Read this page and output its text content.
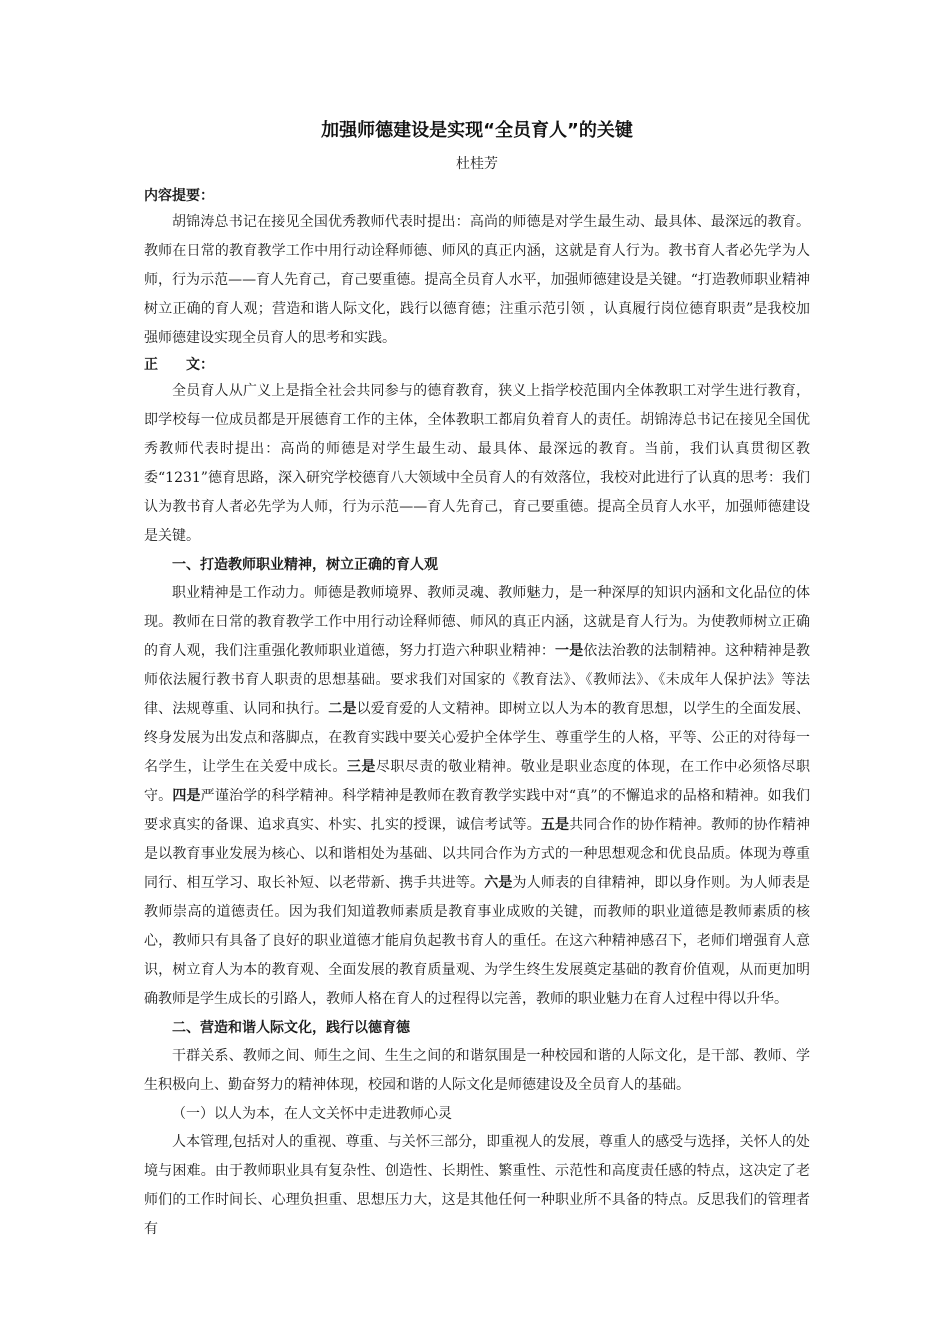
加强师德建设是实现“全员育人”的关键
杜桂芳
内容提要：

胡锦涛总书记在接见全国优秀教师代表时提出：高尚的师德是对学生最生动、最具体、最深远的教育。教师在日常的教育教学工作中用行动诠释师德、师风的真正内涵，这就是育人行为。教书育人者必先学为人师，行为示范——育人先育己，育己要重德。提高全员育人水平，加强师德建设是关键。“打造教师职业精神树立正确的育人观；营造和谐人际文化，践行以德育德；注重示范引领 ，认真履行岗位德育职责”是我校加强师德建设实现全员育人的思考和实践。

正　　文：

全员育人从广义上是指全社会共同参与的德育教育，狭义上指学校范围内全体教职工对学生进行教育，即学校每一位成员都是开展德育工作的主体，全体教职工都肩负着育人的责任。胡锦涛总书记在接见全国优秀教师代表时提出：高尚的师德是对学生最生动、最具体、最深远的教育。当前，我们认真贯彻区教委“1231”德育思路，深入研究学校德育八大领域中全员育人的有效落位，我校对此进行了认真的思考：我们认为教书育人者必先学为人师，行为示范——育人先育己，育己要重德。提高全员育人水平，加强师德建设是关键。

一、打造教师职业精神，树立正确的育人观

职业精神是工作动力。师德是教师境界、教师灵魂、教师魅力，是一种深厚的知识内涵和文化品位的体现。教师在日常的教育教学工作中用行动诠释师德、师风的真正内涵，这就是育人行为。为使教师树立正确的育人观，我们注重强化教师职业道德，努力打造六种职业精神：一是依法治教的法制精神。这种精神是教师依法履行教书育人职责的思想基础。要求我们对国家的《教育法》、《教师法》、《未成年人保护法》等法律、法规尊重、认同和执行。二是以爱育爱的人文精神。即树立以人为本的教育思想，以学生的全面发展、终身发展为出发点和落脚点，在教育实践中要关心爱护全体学生、尊重学生的人格，平等、公正的对待每一名学生，让学生在关爱中成长。三是尽职尽责的敬业精神。敬业是职业态度的体现，在工作中必须恪尽职守。四是严谨治学的科学精神。科学精神是教师在教育教学实践中对“真”的不懈追求的品格和精神。如我们要求真实的备课、追求真实、朴实、扎实的授课，诚信考试等。五是共同合作的协作精神。教师的协作精神是以教育事业发展为核心、以和谐相处为基础、以共同合作为方式的一种思想观念和优良品质。体现为尊重同行、相互学习、取长补短、以老带新、携手共进等。六是为人师表的自律精神，即以身作则。为人师表是教师崇高的道德责任。因为我们知道教师素质是教育事业成败的关键，而教师的职业道德是教师素质的核心，教师只有具备了良好的职业道德才能肩负起教书育人的重任。在这六种精神感召下，老师们增强育人意识，树立育人为本的教育观、全面发展的教育质量观、为学生终生发展奠定基础的教育价值观，从而更加明确教师是学生成长的引路人，教师人格在育人的过程得以完善，教师的职业魅力在育人过程中得以升华。

二、营造和谐人际文化，践行以德育德

干群关系、教师之间、师生之间、生生之间的和谐氛围是一种校园和谐的人际文化，是干部、教师、学生积极向上、勤奋努力的精神体现，校园和谐的人际文化是师德建设及全员育人的基础。

（一）以人为本，在人文关怀中走进教师心灵

人本管理,包括对人的重视、尊重、与关怀三部分，即重视人的发展，尊重人的感受与选择，关怀人的处境与困难。由于教师职业具有复杂性、创造性、长期性、繁重性、示范性和高度责任感的特点，这决定了老师们的工作时间长、心理负担重、思想压力大，这是其他任何一种职业所不具备的特点。反思我们的管理者有
